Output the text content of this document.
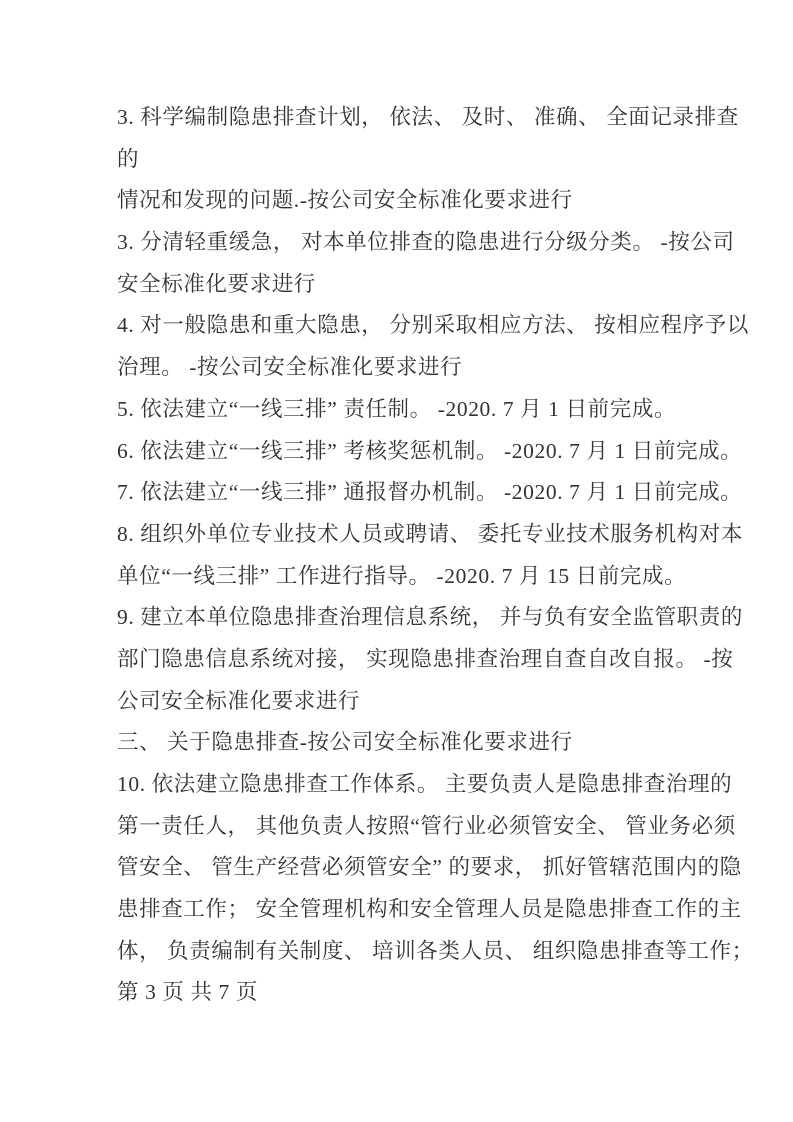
3. 科学编制隐患排查计划， 依法、 及时、 准确、 全面记录排查
的
情况和发现的问题.-按公司安全标准化要求进行
3. 分清轻重缓急， 对本单位排查的隐患进行分级分类。 -按公司
安全标准化要求进行
4. 对一般隐患和重大隐患， 分别采取相应方法、 按相应程序予以
治理。 -按公司安全标准化要求进行
5. 依法建立“一线三排” 责任制。 -2020. 7 月 1 日前完成。
6. 依法建立“一线三排” 考核奖惩机制。 -2020. 7 月 1 日前完成。
7. 依法建立“一线三排” 通报督办机制。 -2020. 7 月 1 日前完成。
8. 组织外单位专业技术人员或聘请、 委托专业技术服务机构对本
单位“一线三排” 工作进行指导。 -2020. 7 月 15 日前完成。
9. 建立本单位隐患排查治理信息系统， 并与负有安全监管职责的
部门隐患信息系统对接， 实现隐患排查治理自查自改自报。 -按
公司安全标准化要求进行
三、 关于隐患排查-按公司安全标准化要求进行
10. 依法建立隐患排查工作体系。 主要负责人是隐患排查治理的
第一责任人， 其他负责人按照“管行业必须管安全、 管业务必须
管安全、 管生产经营必须管安全” 的要求， 抓好管辖范围内的隐
患排查工作； 安全管理机构和安全管理人员是隐患排查工作的主
体， 负责编制有关制度、 培训各类人员、 组织隐患排查等工作；
第 3 页 共 7 页
